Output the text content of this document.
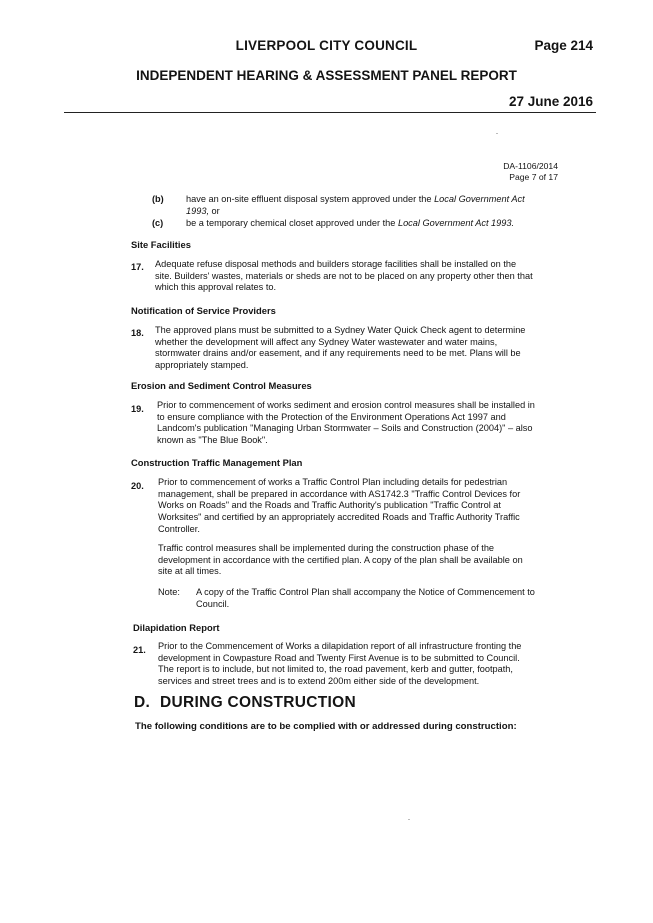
LIVERPOOL CITY COUNCIL	Page 214
INDEPENDENT HEARING & ASSESSMENT PANEL REPORT
27 June 2016
DA-1106/2014
Page 7 of 17
(b) have an on-site effluent disposal system approved under the Local Government Act
1993, or
(c) be a temporary chemical closet approved under the Local Government Act 1993.
Site Facilities
17. Adequate refuse disposal methods and builders storage facilities shall be installed on the
site. Builders' wastes, materials or sheds are not to be placed on any property other then that
which this approval relates to.
Notification of Service Providers
18. The approved plans must be submitted to a Sydney Water Quick Check agent to determine
whether the development will affect any Sydney Water wastewater and water mains,
stormwater drains and/or easement, and if any requirements need to be met. Plans will be
appropriately stamped.
Erosion and Sediment Control Measures
19. Prior to commencement of works sediment and erosion control measures shall be installed in
to ensure compliance with the Protection of the Environment Operations Act 1997 and
Landcom's publication "Managing Urban Stormwater – Soils and Construction (2004)" – also
known as "The Blue Book".
Construction Traffic Management Plan
20. Prior to commencement of works a Traffic Control Plan including details for pedestrian
management, shall be prepared in accordance with AS1742.3 "Traffic Control Devices for
Works on Roads" and the Roads and Traffic Authority's publication "Traffic Control at
Worksites" and certified by an appropriately accredited Roads and Traffic Authority Traffic
Controller.
Traffic control measures shall be implemented during the construction phase of the
development in accordance with the certified plan. A copy of the plan shall be available on
site at all times.
Note: A copy of the Traffic Control Plan shall accompany the Notice of Commencement to
Council.
Dilapidation Report
21. Prior to the Commencement of Works a dilapidation report of all infrastructure fronting the
development in Cowpasture Road and Twenty First Avenue is to be submitted to Council.
The report is to include, but not limited to, the road pavement, kerb and gutter, footpath,
services and street trees and is to extend 200m either side of the development.
D. DURING CONSTRUCTION
The following conditions are to be complied with or addressed during construction:
